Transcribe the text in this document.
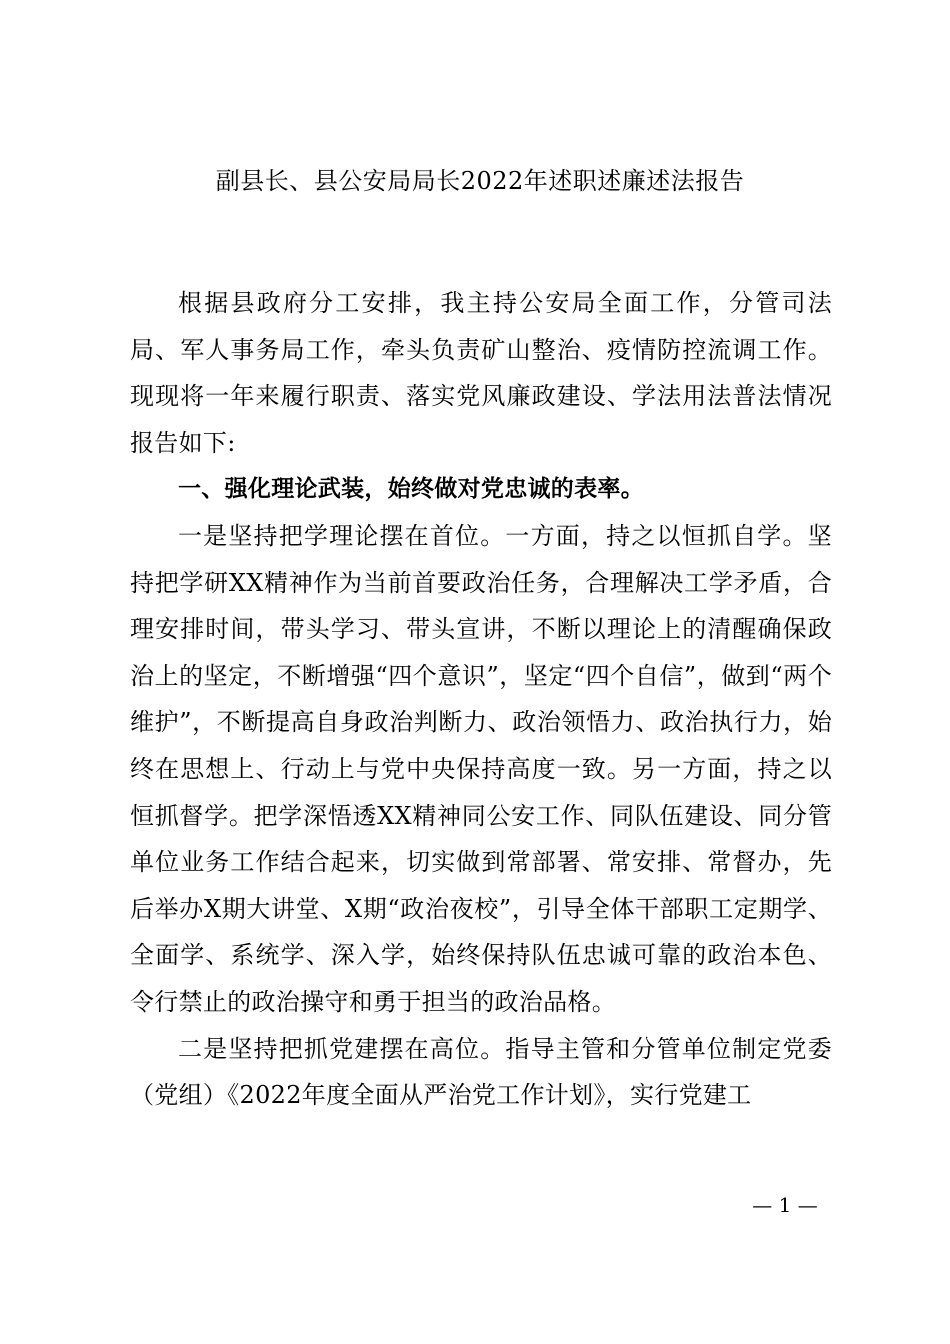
副县长、县公安局局长2022年述职述廉述法报告

根据县政府分工安排，我主持公安局全面工作，分管司法局、军人事务局工作，牵头负责矿山整治、疫情防控流调工作。现现将一年来履行职责、落实党风廉政建设、学法用法普法情况报告如下:

一、强化理论武装，始终做对党忠诚的表率。

一是坚持把学理论摆在首位。一方面，持之以恒抓自学。坚持把学研XX精神作为当前首要政治任务，合理解决工学矛盾，合理安排时间，带头学习、带头宣讲，不断以理论上的清醒确保政治上的坚定，不断增强“四个意识”，坚定“四个自信”，做到“两个维护”，不断提高自身政治判断力、政治领悟力、政治执行力，始终在思想上、行动上与党中央保持高度一致。另一方面，持之以恒抓督学。把学深悟透XX精神同公安工作、同队伍建设、同分管单位业务工作结合起来，切实做到常部署、常安排、常督办，先后举办X期大讲堂、X期“政治夜校”，引导全体干部职工定期学、全面学、系统学、深入学，始终保持队伍忠诚可靠的政治本色、令行禁止的政治操守和勇于担当的政治品格。

二是坚持把抓党建摆在高位。指导主管和分管单位制定党委（党组）《2022年度全面从严治党工作计划》，实行党建工

— 1 —
